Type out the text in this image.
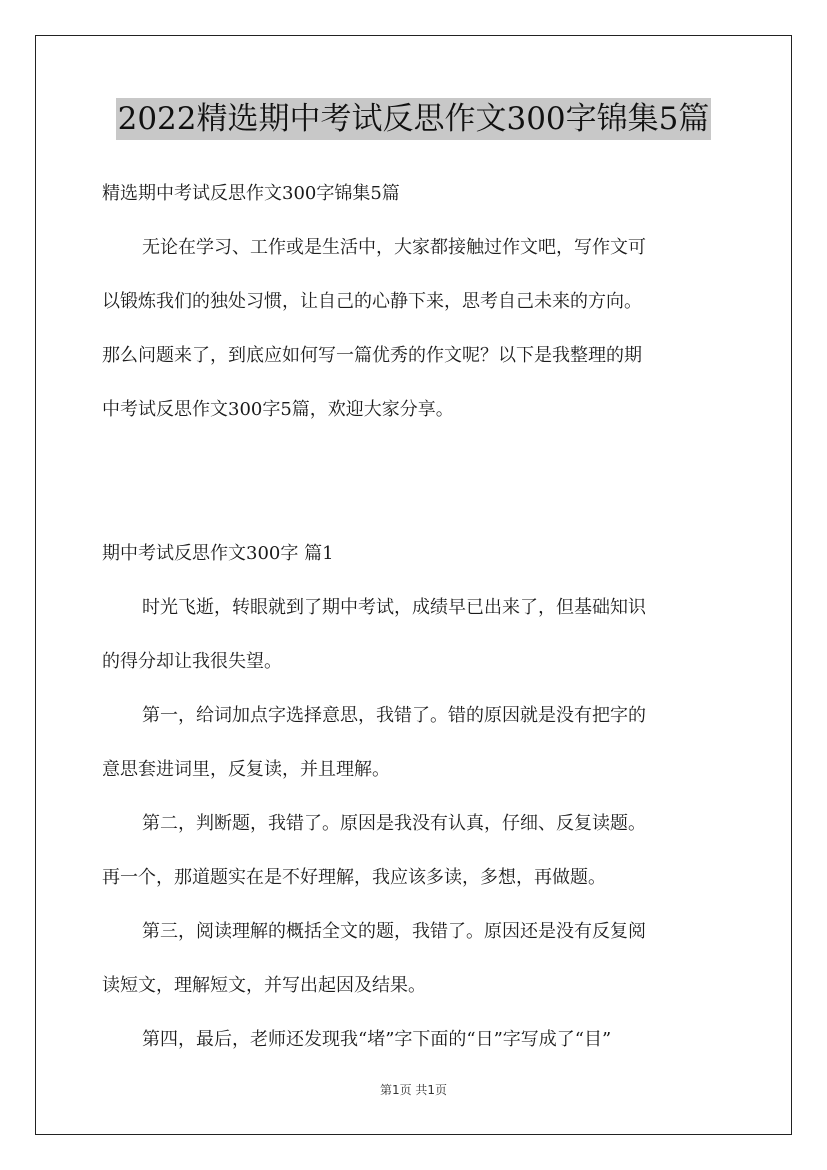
2022精选期中考试反思作文300字锦集5篇
精选期中考试反思作文300字锦集5篇
无论在学习、工作或是生活中，大家都接触过作文吧，写作文可
以锻炼我们的独处习惯，让自己的心静下来，思考自己未来的方向。
那么问题来了，到底应如何写一篇优秀的作文呢？以下是我整理的期
中考试反思作文300字5篇，欢迎大家分享。
期中考试反思作文300字 篇1
时光飞逝，转眼就到了期中考试，成绩早已出来了，但基础知识
的得分却让我很失望。
第一，给词加点字选择意思，我错了。错的原因就是没有把字的
意思套进词里，反复读，并且理解。
第二，判断题，我错了。原因是我没有认真，仔细、反复读题。
再一个，那道题实在是不好理解，我应该多读，多想，再做题。
第三，阅读理解的概括全文的题，我错了。原因还是没有反复阅
读短文，理解短文，并写出起因及结果。
第四，最后，老师还发现我“堵”字下面的“日”字写成了“目”
第1页 共1页
